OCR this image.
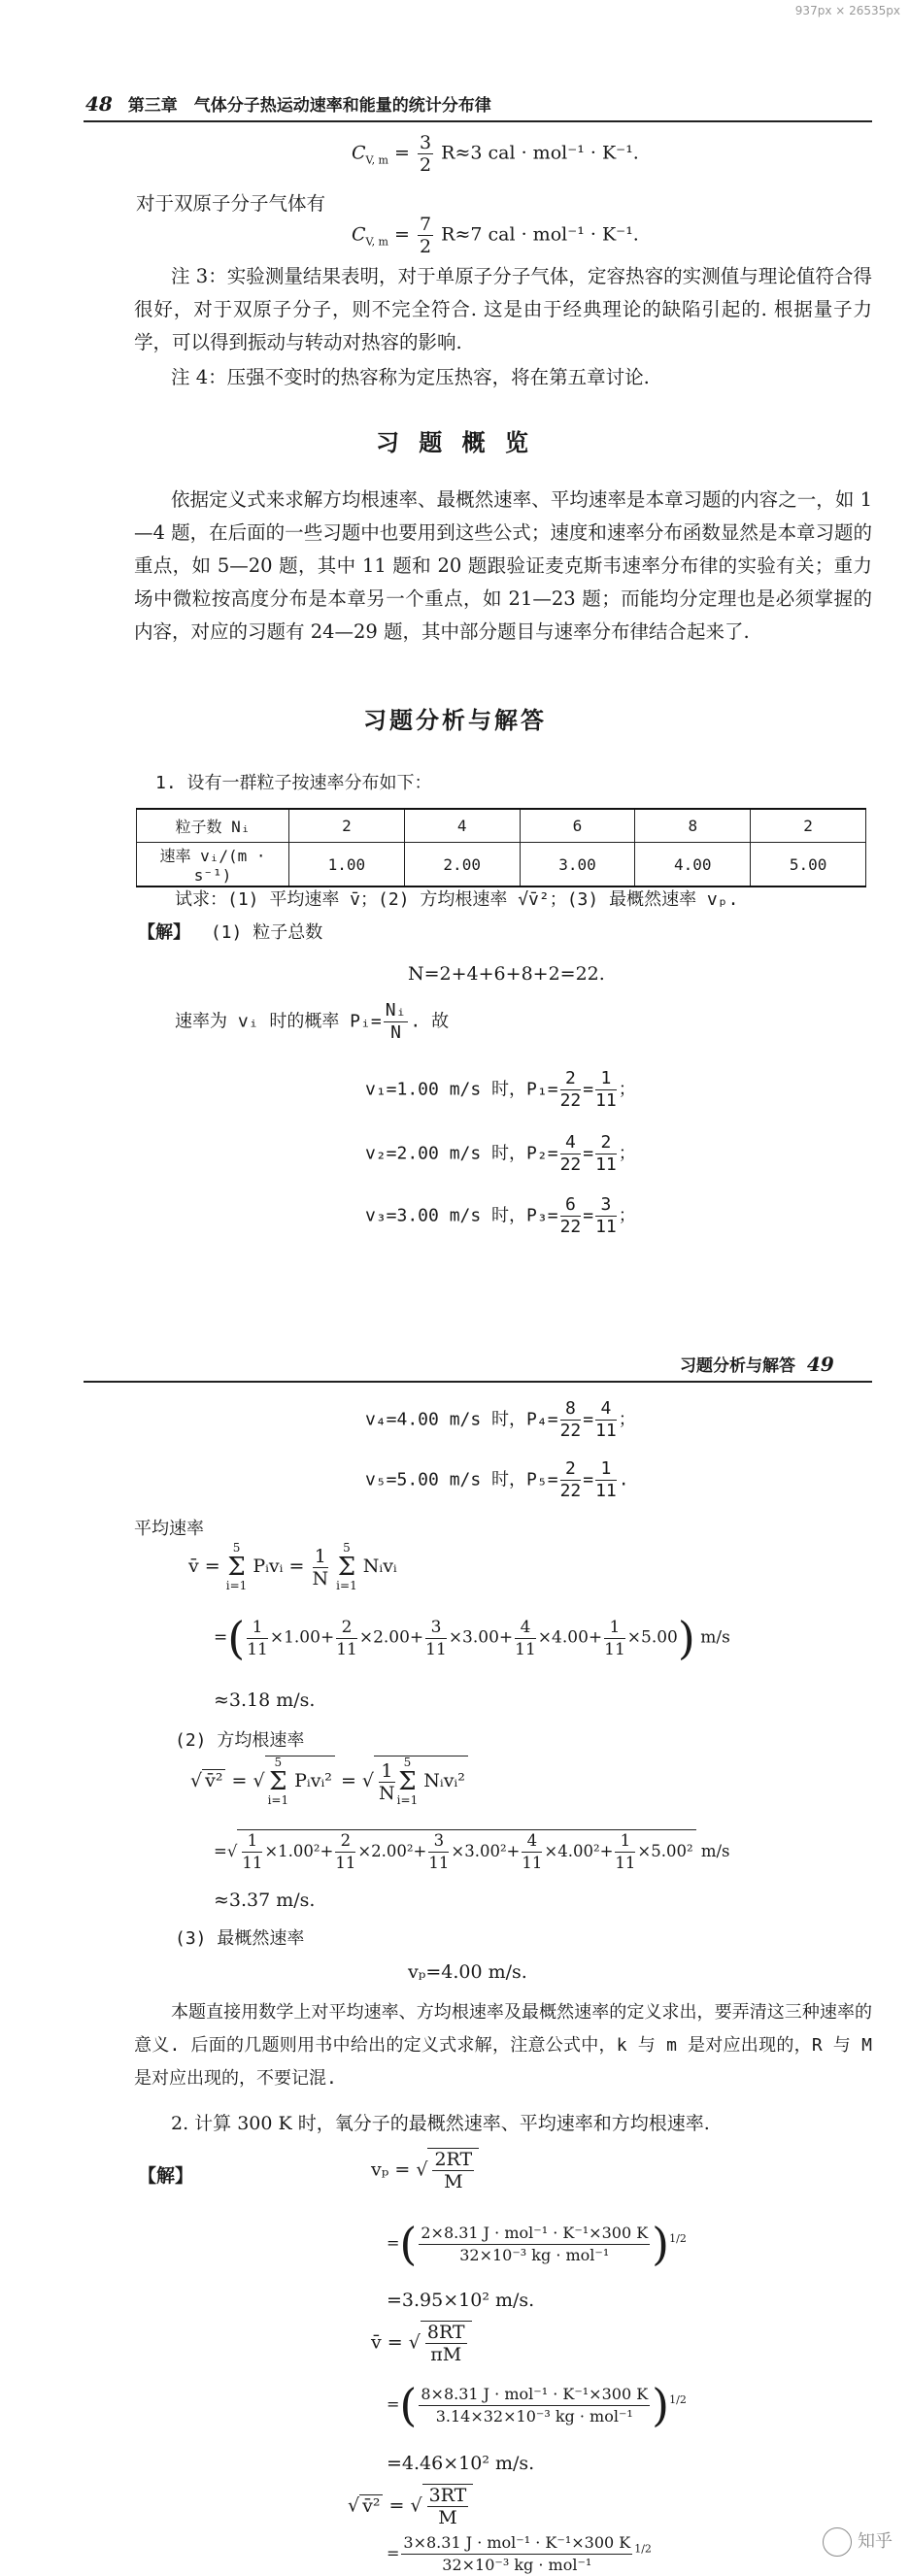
937px × 26535px
48 第三章　气体分子热运动速率和能量的统计分布律
$C_{V, m} = \frac{3}{2} R\approx 3$ cal · mol⁻¹ · K⁻¹.
对于双原子分子气体有
$C_{V, m} = \frac{7}{2} R\approx 7$ cal · mol⁻¹ · K⁻¹.
注 3：实验测量结果表明，对于单原子分子气体，定容热容的实测值与理论值符合得很好，对于双原子分子，则不完全符合. 这是由于经典理论的缺陷引起的. 根据量子力学，可以得到振动与转动对热容的影响.
注 4：压强不变时的热容称为定压热容，将在第五章讨论.
习 题 概 览
依据定义式来求解方均根速率、最概然速率、平均速率是本章习题的内容之一，如 1—4 题，在后面的一些习题中也要用到这些公式；速度和速率分布函数显然是本章习题的重点，如 5—20 题，其中 11 题和 20 题跟验证麦克斯韦速率分布律的实验有关；重力场中微粒按高度分布是本章另一个重点，如 21—23 题；而能均分定理也是必须掌握的内容，对应的习题有 24—29 题，其中部分题目与速率分布律结合起来了.
习题分析与解答
1. 设有一群粒子按速率分布如下：
粒子数 Nᵢ	2	4	6	8	2
速率 vᵢ/(m · s⁻¹)	1.00	2.00	3.00	4.00	5.00
试求：(1) 平均速率 v̄；(2) 方均根速率 √v̄²；(3) 最概然速率 vₚ.
【解】 (1) 粒子总数
N=2+4+6+8+2=22.
速率为 vᵢ 时的概率 Pᵢ= $\frac{\text{Nᵢ}}{N}$ . 故
v₁=1.00 m/s 时，$P_1= \frac{2}{22} = \frac{1}{11}$ ；
v₂=2.00 m/s 时，$P_2= \frac{4}{22} = \frac{2}{11}$ ；
v₃=3.00 m/s 时，$P_3= \frac{6}{22} = \frac{3}{11}$ ；
习题分析与解答 49
v₄=4.00 m/s 时，$P_4= \frac{8}{22} = \frac{4}{11}$ ；
v₅=5.00 m/s 时，$P_5= \frac{2}{22} = \frac{1}{11}$ .
平均速率
v̄ = 5
Σ
i=1 Pᵢvᵢ = $\frac{1}{N} 5$
Σ
i=1 Nᵢvᵢ
=( $\frac{1}{11} \times 1.00+ \frac{2}{11} \times 2.00+ \frac{3}{11} \times 3.00+ \frac{4}{11} \times 4.00+ \frac{1}{11} \times 5.00$) m/s
≈3.18 m/s.
(2) 方均根速率
√ v̄² = √5
Σ
i=1 Pᵢvᵢ² = √ $\frac{1}{N} 5$
Σ
i=1 Nᵢvᵢ²
=√ $\frac{1}{11} \times 1.00^2+ \frac{2}{11} \times 2.00^2+ \frac{3}{11} \times 3.00^2+ \frac{4}{11} \times 4.00^2+ \frac{1}{11} \times 5.00^2$ m/s
≈3.37 m/s.
(3) 最概然速率
vₚ=4.00 m/s.
本题直接用数学上对平均速率、方均根速率及最概然速率的定义求出，要弄清这三种速率的意义. 后面的几题则用书中给出的定义式求解，注意公式中，k 与 m 是对应出现的，R 与 M 是对应出现的，不要记混.
2. 计算 300 K 时，氧分子的最概然速率、平均速率和方均根速率.
【解】	vₚ = √ $\frac{2RT}{M}$
=( $\frac{\text{2×8.31 J · mol⁻¹ · K⁻¹×300 K}}{\text{32×10⁻³ kg · mol⁻¹}} )^{1/2}$
=3.95×10² m/s.
v̄ = √ $\frac{8RT}{\pi M}$
=( $\frac{\text{8×8.31 J · mol⁻¹ · K⁻¹×300 K}}{\text{3.14×32×10⁻³ kg · mol⁻¹}} )^{1/2}$
=4.46×10² m/s.
√ v̄² = √ $\frac{3RT}{M}$
= $\frac{\text{3×8.31 J · mol⁻¹ · K⁻¹×300 K}}{\text{32×10⁻³ kg · mol⁻¹}} ^{1/2}$	知乎
